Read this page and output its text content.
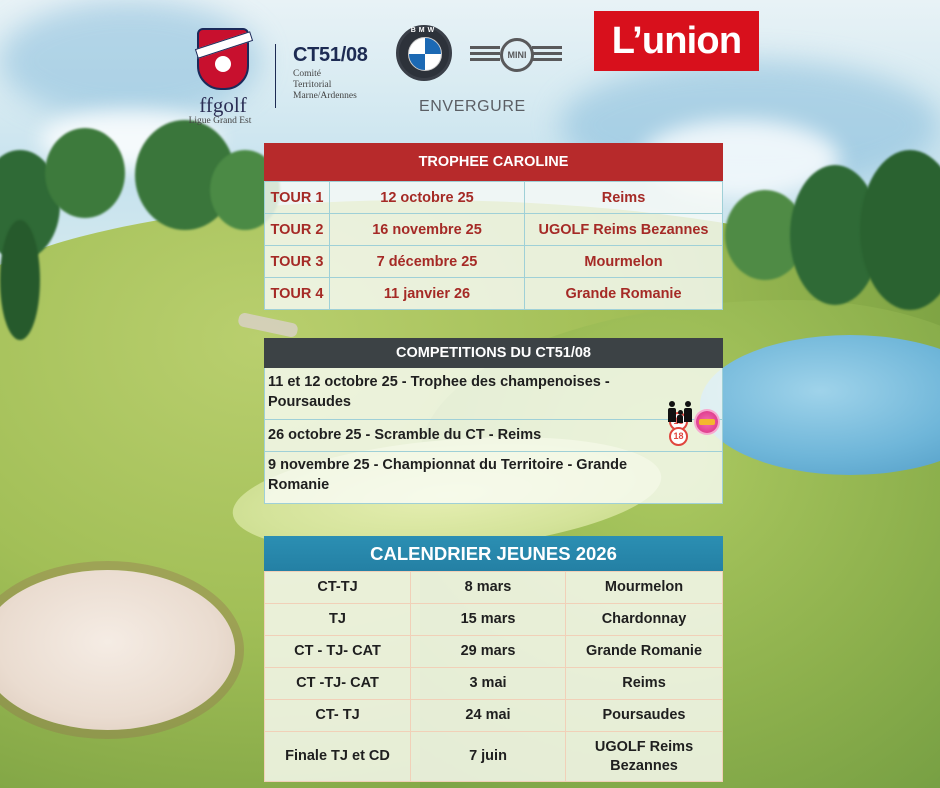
ffgolf
Ligue Grand Est
CT51/08
Comité
Territorial
Marne/Ardennes
BMW
MINI
ENVERGURE
L’union
TROPHEE CAROLINE
TOUR 1	12 octobre 25	Reims
TOUR 2	16 novembre 25	UGOLF Reims Bezannes
TOUR 3	7 décembre 25	Mourmelon
TOUR 4	11 janvier 26	Grande Romanie
COMPETITIONS DU CT51/08
11 et 12 octobre 25 - Trophee des champenoises - Poursaudes
26 octobre 25 - Scramble du CT - Reims	18
9 novembre 25 - Championnat du Territoire - Grande Romanie
CALENDRIER JEUNES 2026
CT-TJ	8 mars	Mourmelon
TJ	15 mars	Chardonnay
CT - TJ- CAT	29 mars	Grande Romanie
CT -TJ- CAT	3 mai	Reims
CT- TJ	24 mai	Poursaudes
Finale TJ et CD	7 juin	UGOLF Reims Bezannes
